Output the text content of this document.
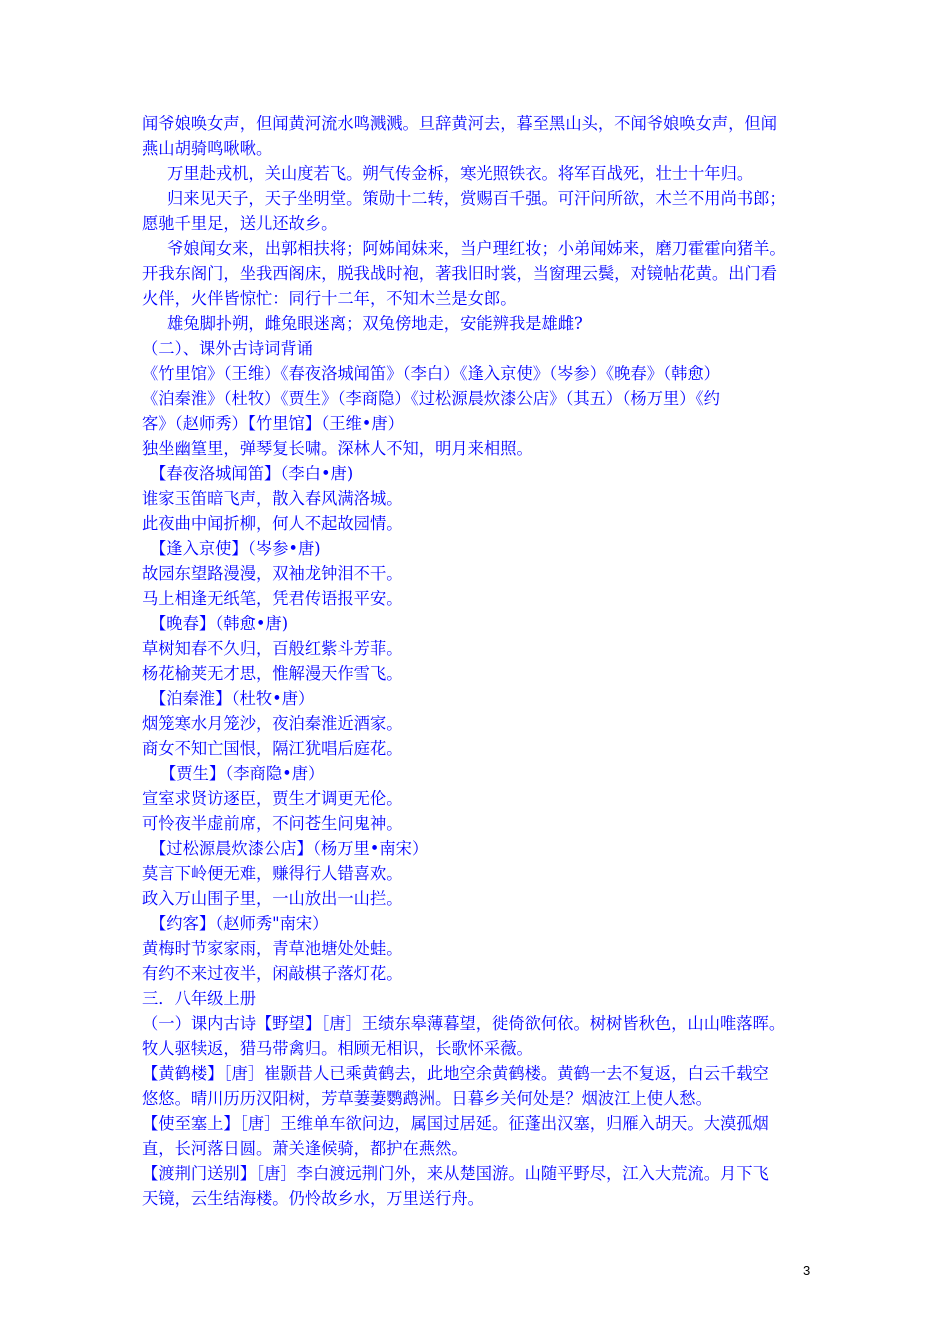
闻爷娘唤女声，但闻黄河流水鸣溅溅。旦辞黄河去，暮至黑山头，不闻爷娘唤女声，但闻
燕山胡骑鸣啾啾。
万里赴戎机，关山度若飞。朔气传金柝，寒光照铁衣。将军百战死，壮士十年归。
归来见天子，天子坐明堂。策勋十二转，赏赐百千强。可汗问所欲，木兰不用尚书郎；
愿驰千里足，送儿还故乡。
爷娘闻女来，出郭相扶将；阿姊闻妹来，当户理红妆；小弟闻姊来，磨刀霍霍向猪羊。
开我东阁门，坐我西阁床，脱我战时袍，著我旧时裳，当窗理云鬓，对镜帖花黄。出门看
火伴，火伴皆惊忙：同行十二年，不知木兰是女郎。
雄兔脚扑朔，雌兔眼迷离；双兔傍地走，安能辨我是雄雌?
（二）、课外古诗词背诵
《竹里馆》（王维）《春夜洛城闻笛》（李白）《逢入京使》（岑参）《晚春》（韩愈）
《泊秦淮》（杜牧）《贾生》（李商隐）《过松源晨炊漆公店》（其五）（杨万里）《约
客》（赵师秀）【竹里馆】（王维•唐）
独坐幽篁里，弹琴复长啸。深林人不知，明月来相照。
【春夜洛城闻笛】（李白•唐)
谁家玉笛暗飞声，散入春风满洛城。
此夜曲中闻折柳，何人不起故园情。
【逢入京使】（岑参•唐)
故园东望路漫漫，双袖龙钟泪不干。
马上相逢无纸笔，凭君传语报平安。
【晚春】（韩愈•唐)
草树知春不久归，百般红紫斗芳菲。
杨花榆荚无才思，惟解漫天作雪飞。
【泊秦淮】（杜牧•唐）
烟笼寒水月笼沙，夜泊秦淮近酒家。
商女不知亡国恨，隔江犹唱后庭花。
【贾生】（李商隐•唐）
宣室求贤访逐臣，贾生才调更无伦。
可怜夜半虚前席，不问苍生问鬼神。
【过松源晨炊漆公店】（杨万里•南宋）
莫言下岭便无难，赚得行人错喜欢。
政入万山围子里，一山放出一山拦。
【约客】（赵师秀"南宋）
黄梅时节家家雨，青草池塘处处蛙。
有约不来过夜半，闲敲棋子落灯花。
三．八年级上册
（一）课内古诗【野望】［唐］王绩东皋薄暮望，徙倚欲何依。树树皆秋色，山山唯落晖。
牧人驱犊返，猎马带禽归。相顾无相识，长歌怀采薇。
【黄鹤楼】［唐］崔颢昔人已乘黄鹤去，此地空余黄鹤楼。黄鹤一去不复返，白云千载空
悠悠。晴川历历汉阳树，芳草萋萋鹦鹉洲。日暮乡关何处是？烟波江上使人愁。
【使至塞上】［唐］王维单车欲问边，属国过居延。征蓬出汉塞，归雁入胡天。大漠孤烟
直，长河落日圆。萧关逢候骑，都护在燕然。
【渡荆门送别】［唐］李白渡远荆门外，来从楚国游。山随平野尽，江入大荒流。月下飞
天镜，云生结海楼。仍怜故乡水，万里送行舟。
3
